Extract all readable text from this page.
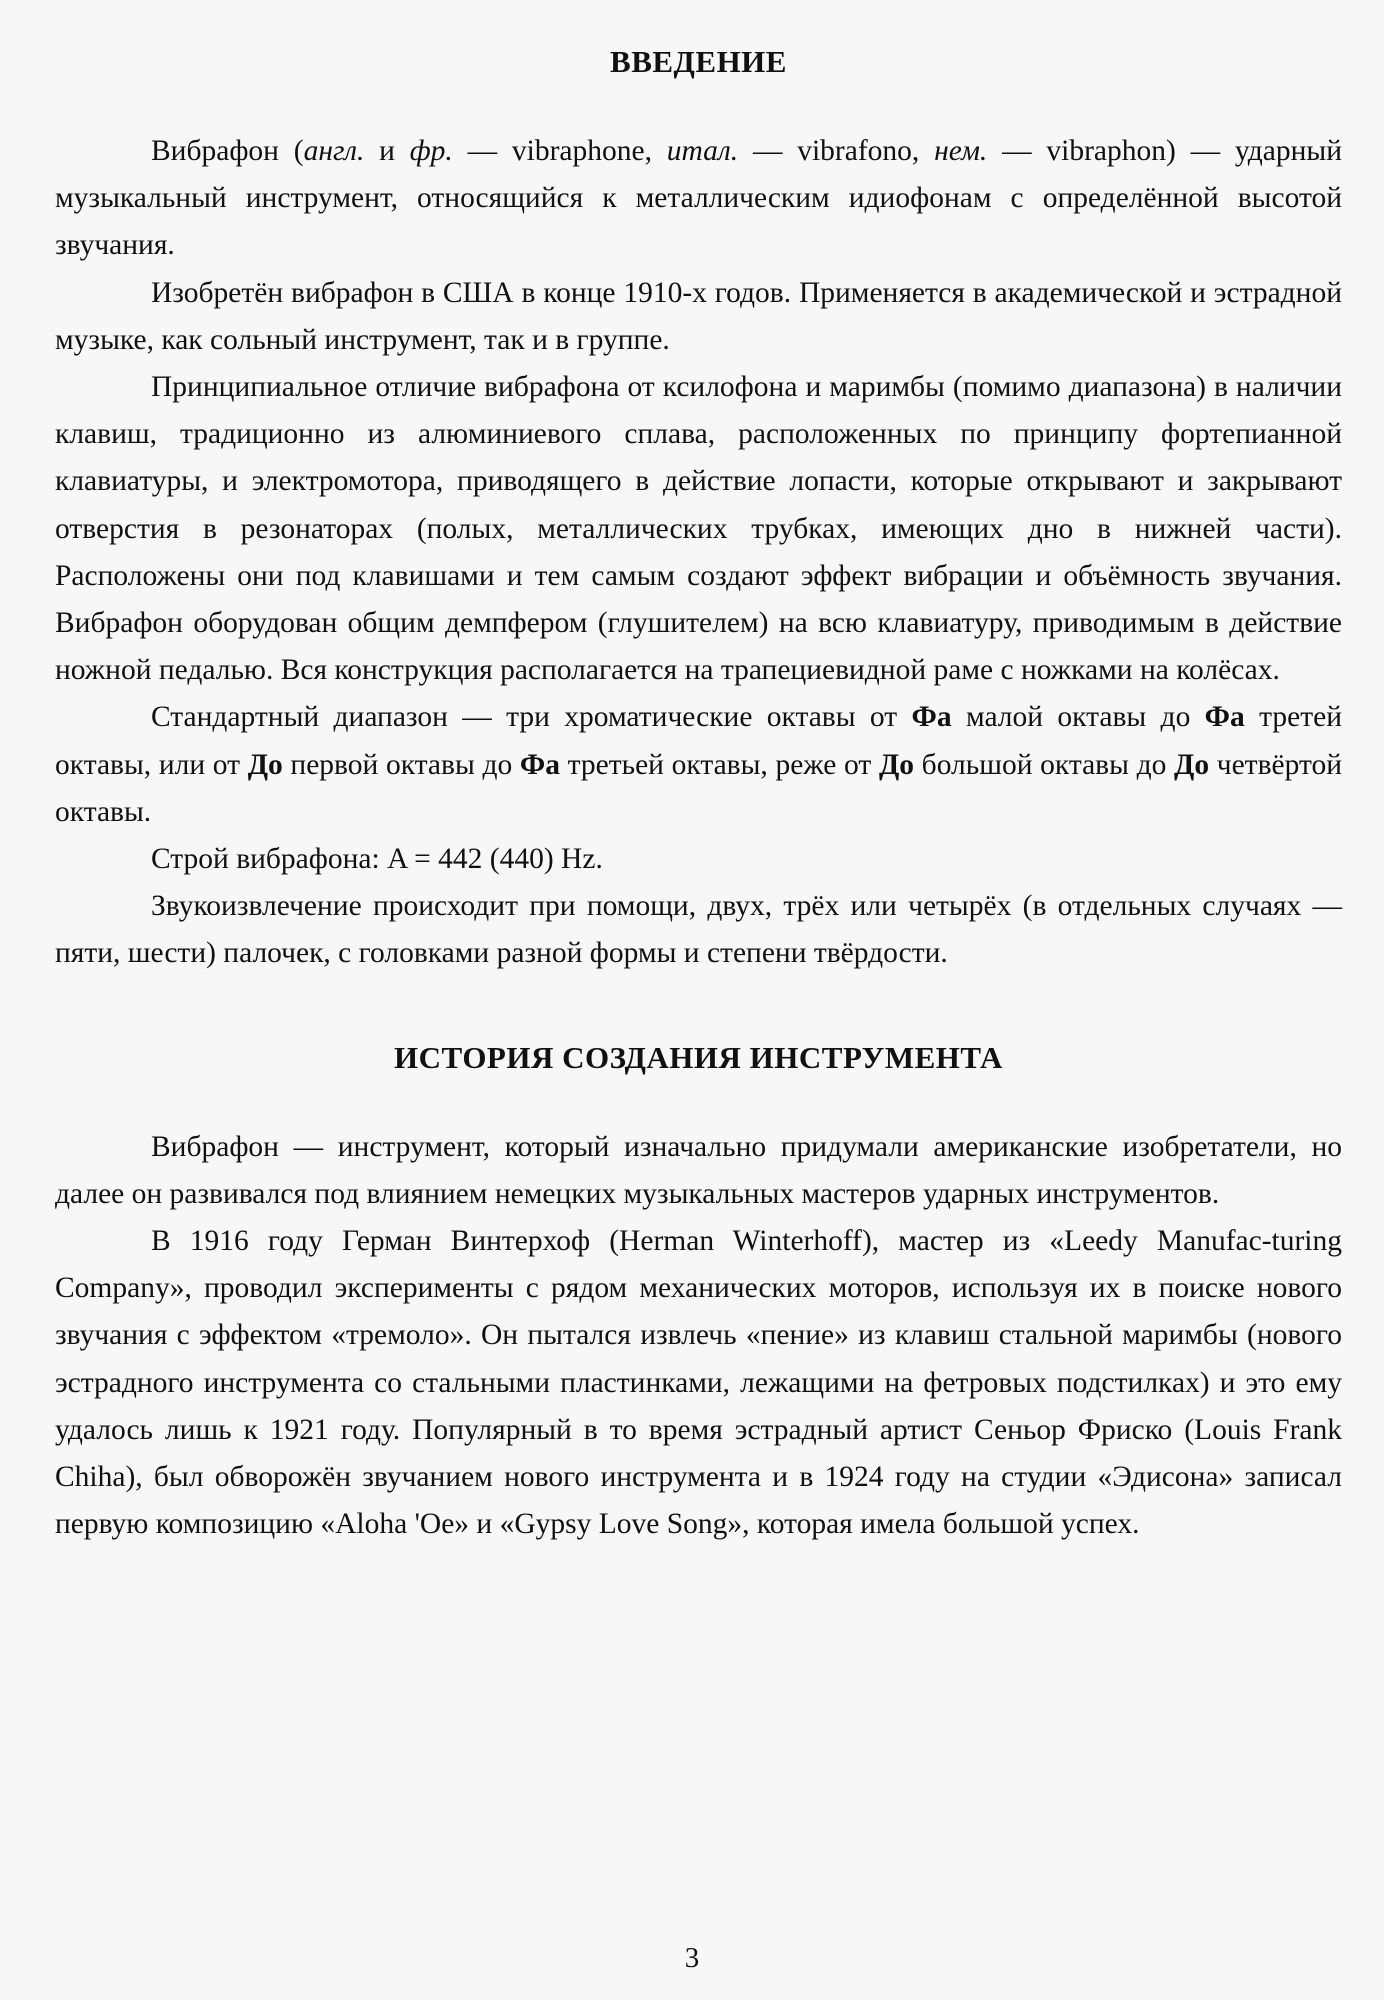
ВВЕДЕНИЕ

Вибрафон (англ. и фр. — vibraphone, итал. — vibrafono, нем. — vibraphon) — ударный музыкальный инструмент, относящийся к металлическим идиофонам с определённой высотой звучания.

Изобретён вибрафон в США в конце 1910-х годов. Применяется в академической и эстрадной музыке, как сольный инструмент, так и в группе.

Принципиальное отличие вибрафона от ксилофона и маримбы (помимо диапазона) в наличии клавиш, традиционно из алюминиевого сплава, расположенных по принципу фортепианной клавиатуры, и электромотора, приводящего в действие лопасти, которые открывают и закрывают отверстия в резонаторах (полых, металлических трубках, имеющих дно в нижней части). Расположены они под клавишами и тем самым создают эффект вибрации и объёмность звучания. Вибрафон оборудован общим демпфером (глушителем) на всю клавиатуру, приводимым в действие ножной педалью. Вся конструкция располагается на трапециевидной раме с ножками на колёсах.

Стандартный диапазон — три хроматические октавы от Фа малой октавы до Фа третей октавы, или от До первой октавы до Фа третьей октавы, реже от До большой октавы до До четвёртой октавы.

Строй вибрафона: A = 442 (440) Hz.

Звукоизвлечение происходит при помощи, двух, трёх или четырёх (в отдельных случаях — пяти, шести) палочек, с головками разной формы и степени твёрдости.

ИСТОРИЯ СОЗДАНИЯ ИНСТРУМЕНТА

Вибрафон — инструмент, который изначально придумали американские изобретатели, но далее он развивался под влиянием немецких музыкальных мастеров ударных инструментов.

В 1916 году Герман Винтерхоф (Herman Winterhoff), мастер из «Leedy Manufac-turing Company», проводил эксперименты с рядом механических моторов, используя их в поиске нового звучания с эффектом «тремоло». Он пытался извлечь «пение» из клавиш стальной маримбы (нового эстрадного инструмента со стальными пластинками, лежащими на фетровых подстилках) и это ему удалось лишь к 1921 году. Популярный в то время эстрадный артист Сеньор Фриско (Louis Frank Chiha), был обворожён звучанием нового инструмента и в 1924 году на студии «Эдисона» записал первую композицию «Aloha 'Oe» и «Gypsy Love Song», которая имела большой успех.

3
